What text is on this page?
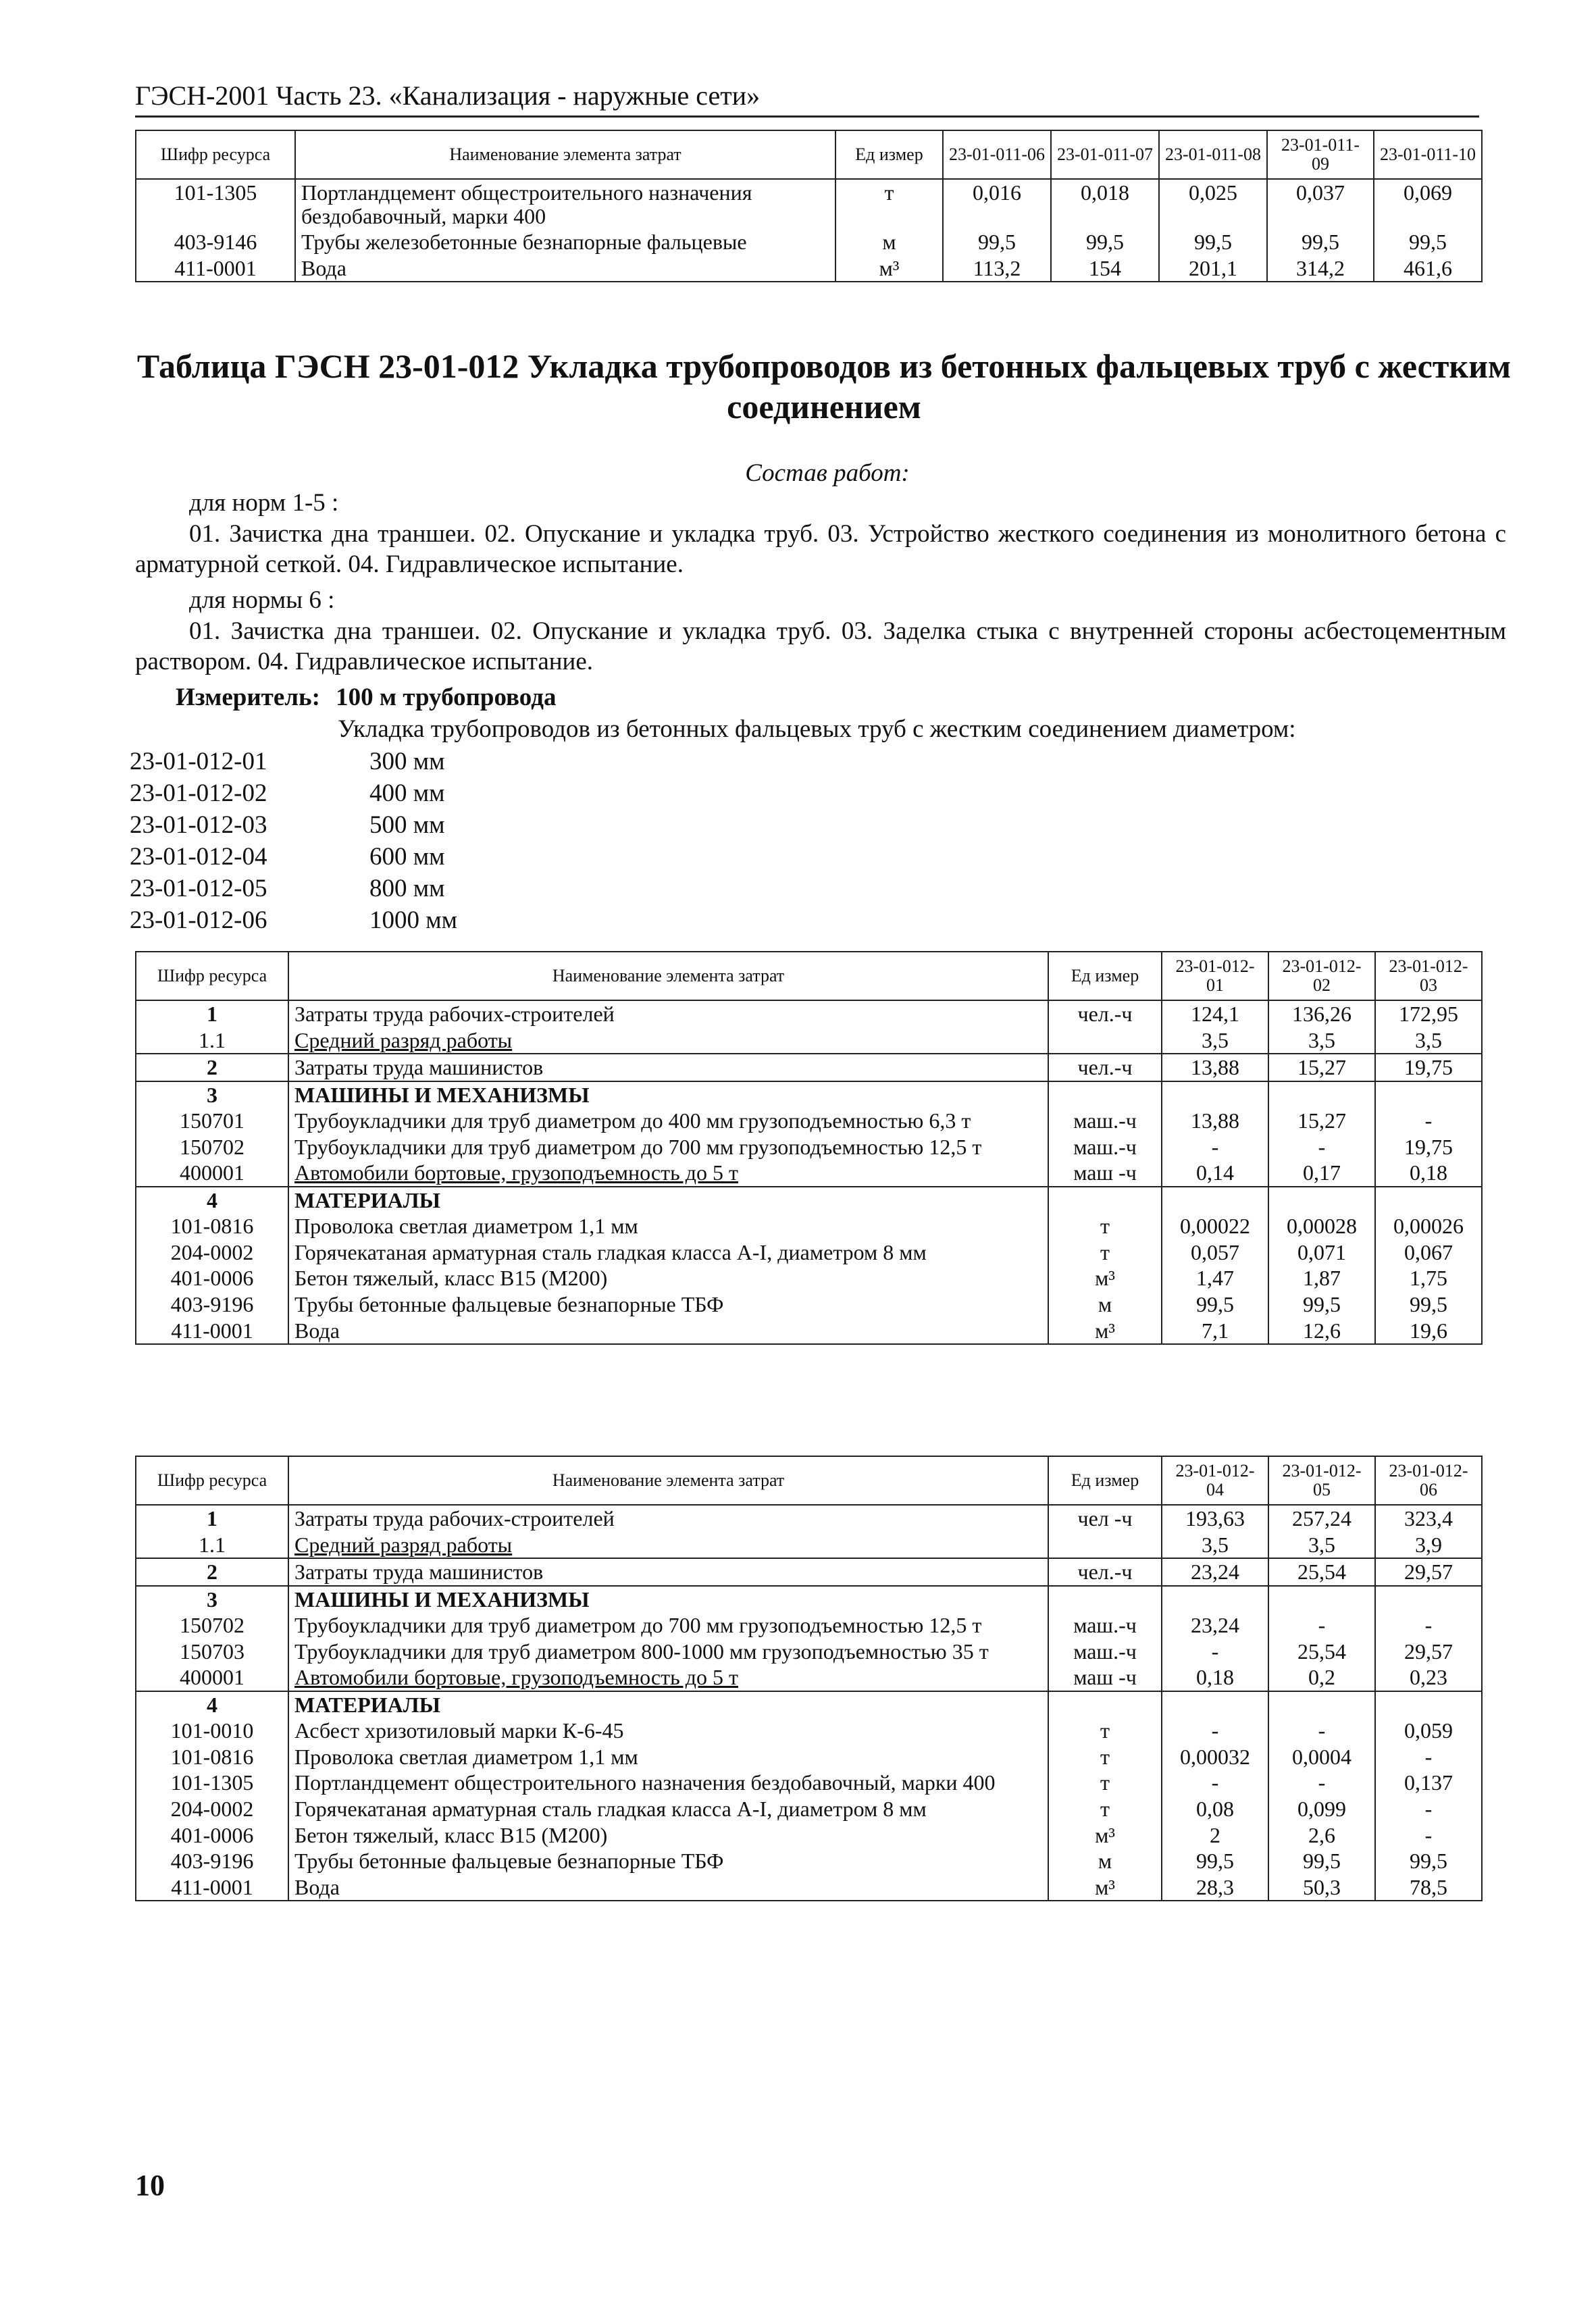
ГЭСН-2001 Часть 23. «Канализация - наружные сети»
Шифр ресурса	Наименование элемента затрат	Ед измер	23-01-011-06	23-01-011-07	23-01-011-08	23-01-011-09	23-01-011-10
101-1305	Портландцемент общестроительного назначения бездобавочный, марки 400	т	0,016	0,018	0,025	0,037	0,069
403-9146	Трубы железобетонные безнапорные фальцевые	м	99,5	99,5	99,5	99,5	99,5
411-0001	Вода	м³	113,2	154	201,1	314,2	461,6
Таблица ГЭСН 23-01-012 Укладка трубопроводов из бетонных фальцевых труб с жестким соединением
Состав работ:
для норм 1-5 :
01. Зачистка дна траншеи. 02. Опускание и укладка труб. 03. Устройство жесткого соединения из монолитного бетона с арматурной сеткой. 04. Гидравлическое испытание.
для нормы 6 :
01. Зачистка дна траншеи. 02. Опускание и укладка труб. 03. Заделка стыка с внутренней стороны асбестоцементным раствором. 04. Гидравлическое испытание.
Измеритель: 100 м трубопровода
Укладка трубопроводов из бетонных фальцевых труб с жестким соединением диаметром:
23-01-012-01	300 мм
23-01-012-02	400 мм
23-01-012-03	500 мм
23-01-012-04	600 мм
23-01-012-05	800 мм
23-01-012-06	1000 мм
Шифр ресурса	Наименование элемента затрат	Ед измер	23-01-012-01	23-01-012-02	23-01-012-03
1	Затраты труда рабочих-строителей	чел.-ч	124,1	136,26	172,95
1.1	Средний разряд работы		3,5	3,5	3,5
2	Затраты труда машинистов	чел.-ч	13,88	15,27	19,75
3	МАШИНЫ И МЕХАНИЗМЫ				
150701	Трубоукладчики для труб диаметром до 400 мм грузоподъемностью 6,3 т	маш.-ч	13,88	15,27	-
150702	Трубоукладчики для труб диаметром до 700 мм грузоподъемностью 12,5 т	маш.-ч	-	-	19,75
400001	Автомобили бортовые, грузоподъемность до 5 т	маш -ч	0,14	0,17	0,18
4	МАТЕРИАЛЫ				
101-0816	Проволока светлая диаметром 1,1 мм	т	0,00022	0,00028	0,00026
204-0002	Горячекатаная арматурная сталь гладкая класса А-I, диаметром 8 мм	т	0,057	0,071	0,067
401-0006	Бетон тяжелый, класс B15 (M200)	м³	1,47	1,87	1,75
403-9196	Трубы бетонные фальцевые безнапорные ТБФ	м	99,5	99,5	99,5
411-0001	Вода	м³	7,1	12,6	19,6
Шифр ресурса	Наименование элемента затрат	Ед измер	23-01-012-04	23-01-012-05	23-01-012-06
1	Затраты труда рабочих-строителей	чел -ч	193,63	257,24	323,4
1.1	Средний разряд работы		3,5	3,5	3,9
2	Затраты труда машинистов	чел.-ч	23,24	25,54	29,57
3	МАШИНЫ И МЕХАНИЗМЫ				
150702	Трубоукладчики для труб диаметром до 700 мм грузоподъемностью 12,5 т	маш.-ч	23,24	-	-
150703	Трубоукладчики для труб диаметром 800-1000 мм грузоподъемностью 35 т	маш.-ч	-	25,54	29,57
400001	Автомобили бортовые, грузоподъемность до 5 т	маш -ч	0,18	0,2	0,23
4	МАТЕРИАЛЫ				
101-0010	Асбест хризотиловый марки К-6-45	т	-	-	0,059
101-0816	Проволока светлая диаметром 1,1 мм	т	0,00032	0,0004	-
101-1305	Портландцемент общестроительного назначения бездобавочный, марки 400	т	-	-	0,137
204-0002	Горячекатаная арматурная сталь гладкая класса А-I, диаметром 8 мм	т	0,08	0,099	-
401-0006	Бетон тяжелый, класс B15 (M200)	м³	2	2,6	-
403-9196	Трубы бетонные фальцевые безнапорные ТБФ	м	99,5	99,5	99,5
411-0001	Вода	м³	28,3	50,3	78,5
10
